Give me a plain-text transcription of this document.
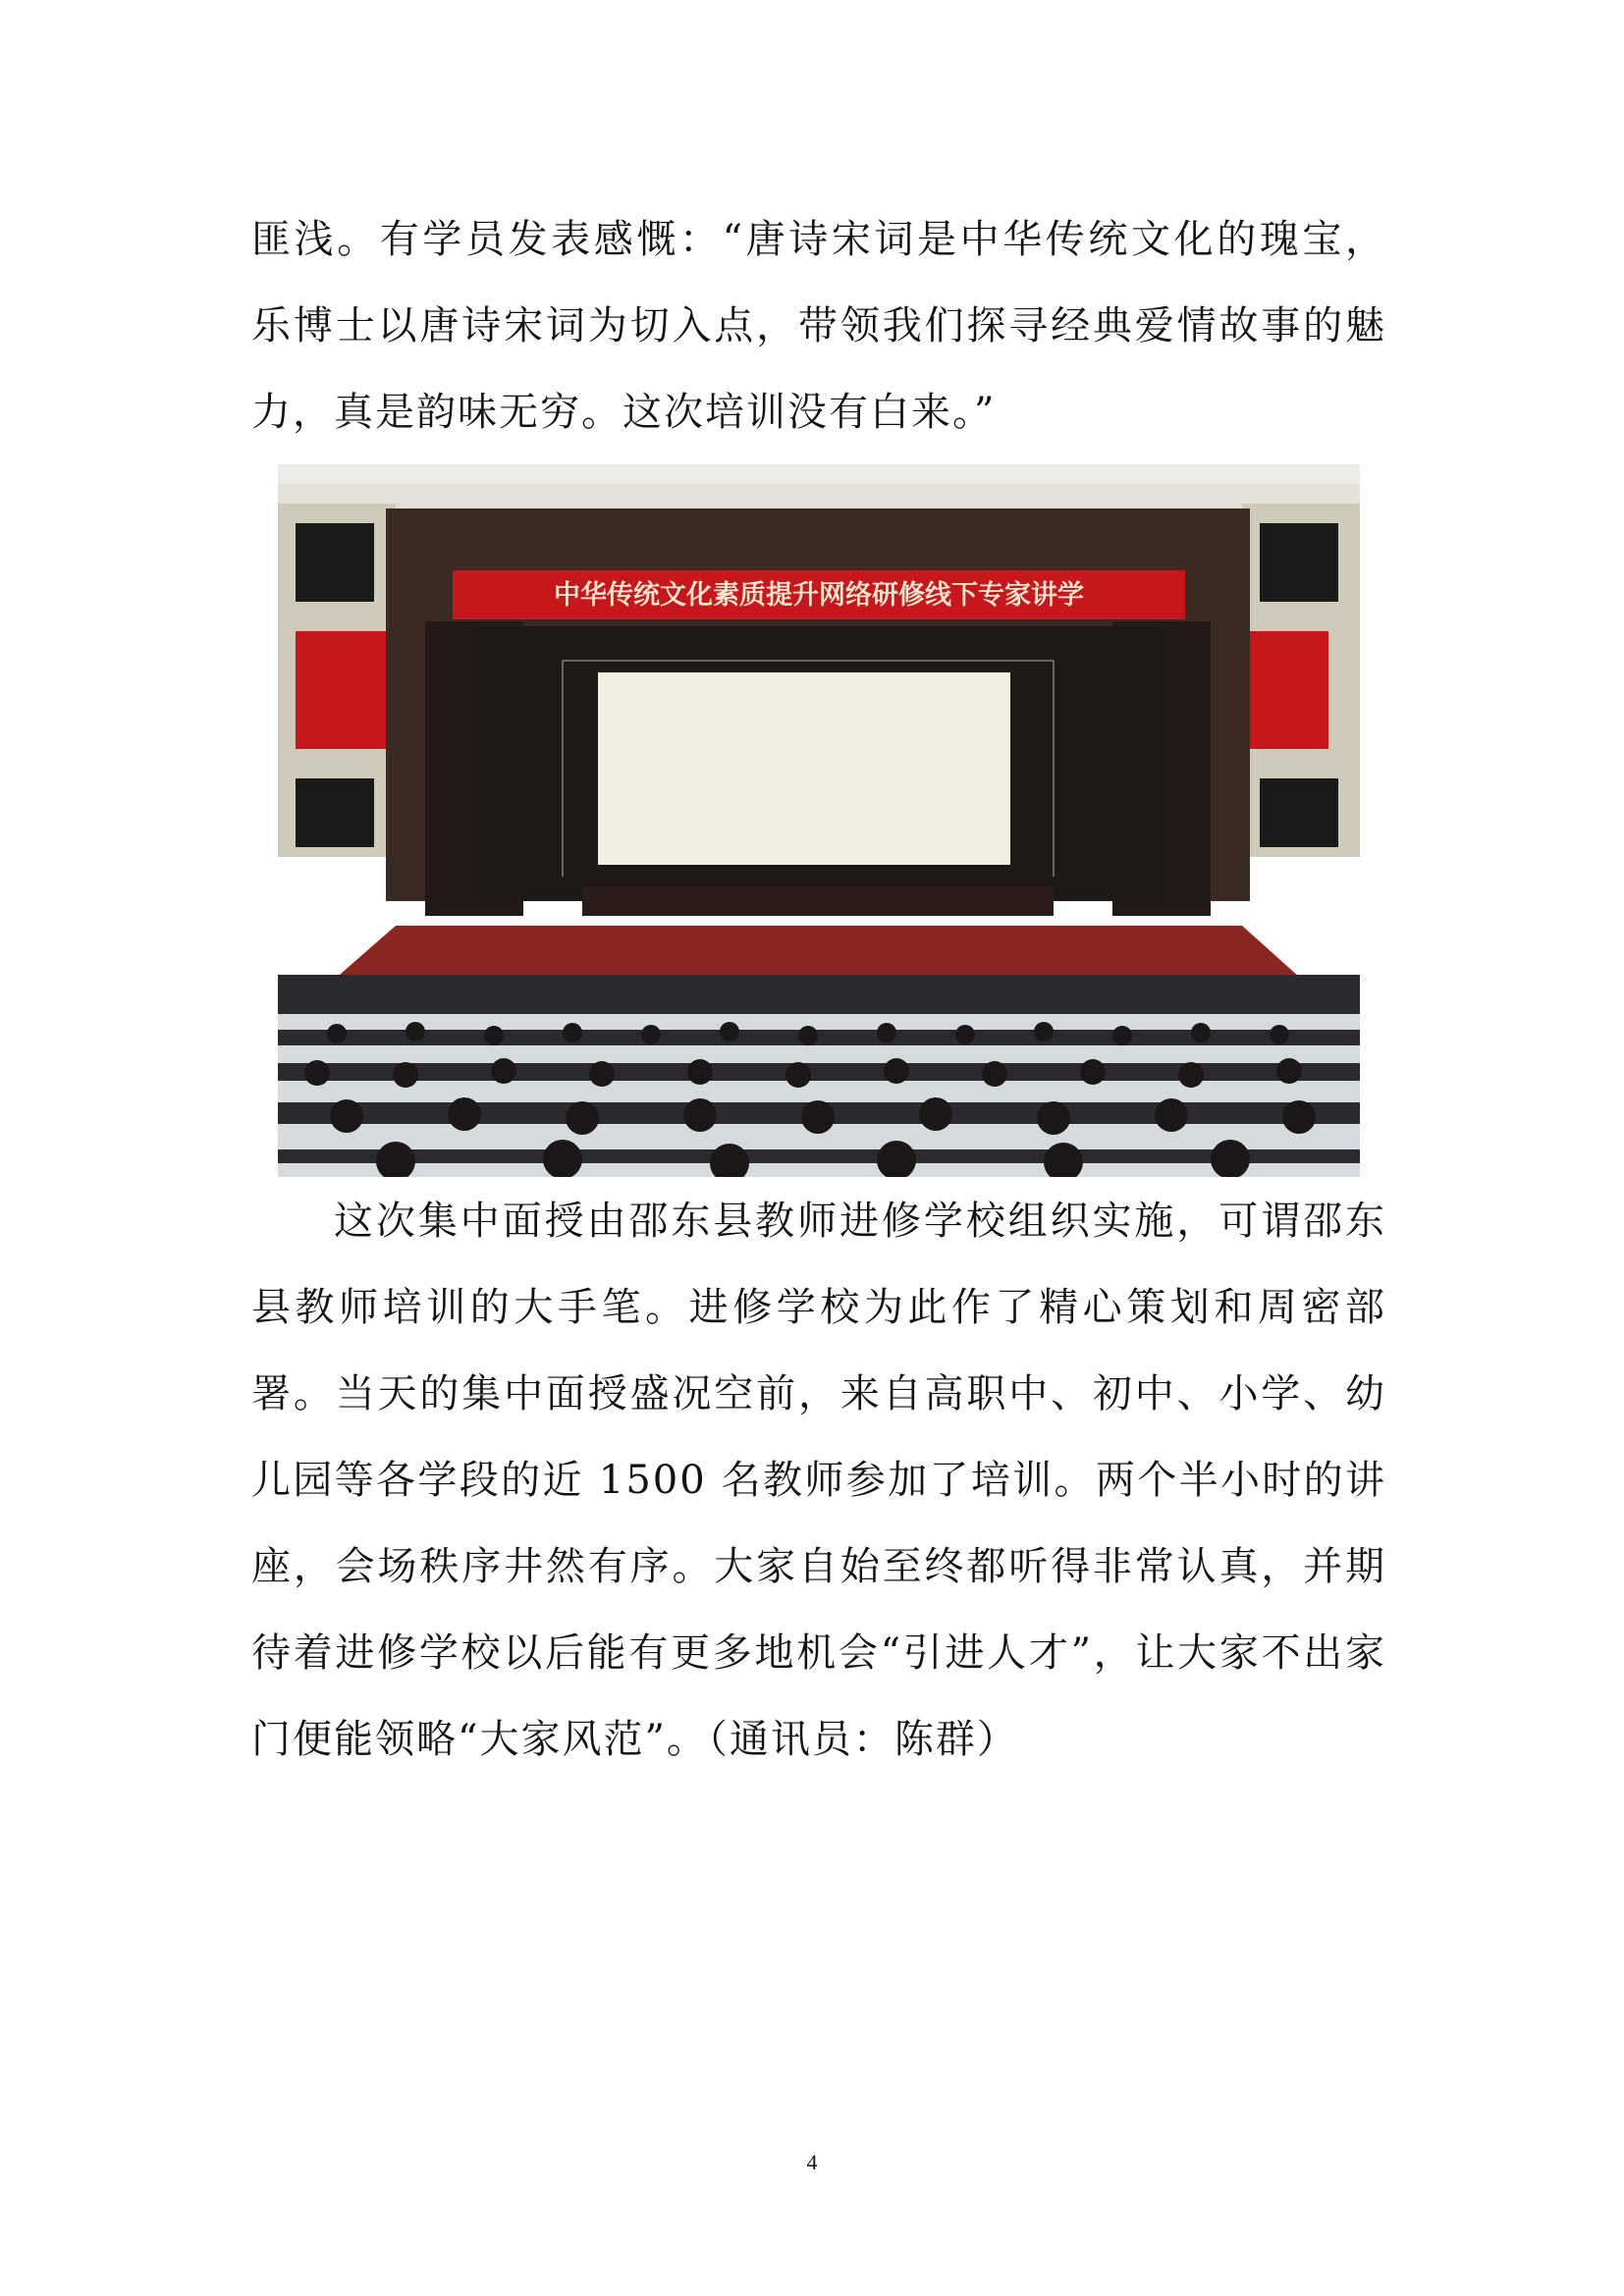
匪浅。有学员发表感慨：“唐诗宋词是中华传统文化的瑰宝，乐博士以唐诗宋词为切入点，带领我们探寻经典爱情故事的魅力，真是韵味无穷。这次培训没有白来。”

中华传统文化素质提升网络研修线下专家讲学

这次集中面授由邵东县教师进修学校组织实施，可谓邵东县教师培训的大手笔。进修学校为此作了精心策划和周密部署。当天的集中面授盛况空前，来自高职中、初中、小学、幼儿园等各学段的近 1500 名教师参加了培训。两个半小时的讲座，会场秩序井然有序。大家自始至终都听得非常认真，并期待着进修学校以后能有更多地机会“引进人才”，让大家不出家门便能领略“大家风范”。（通讯员：陈群）

4
